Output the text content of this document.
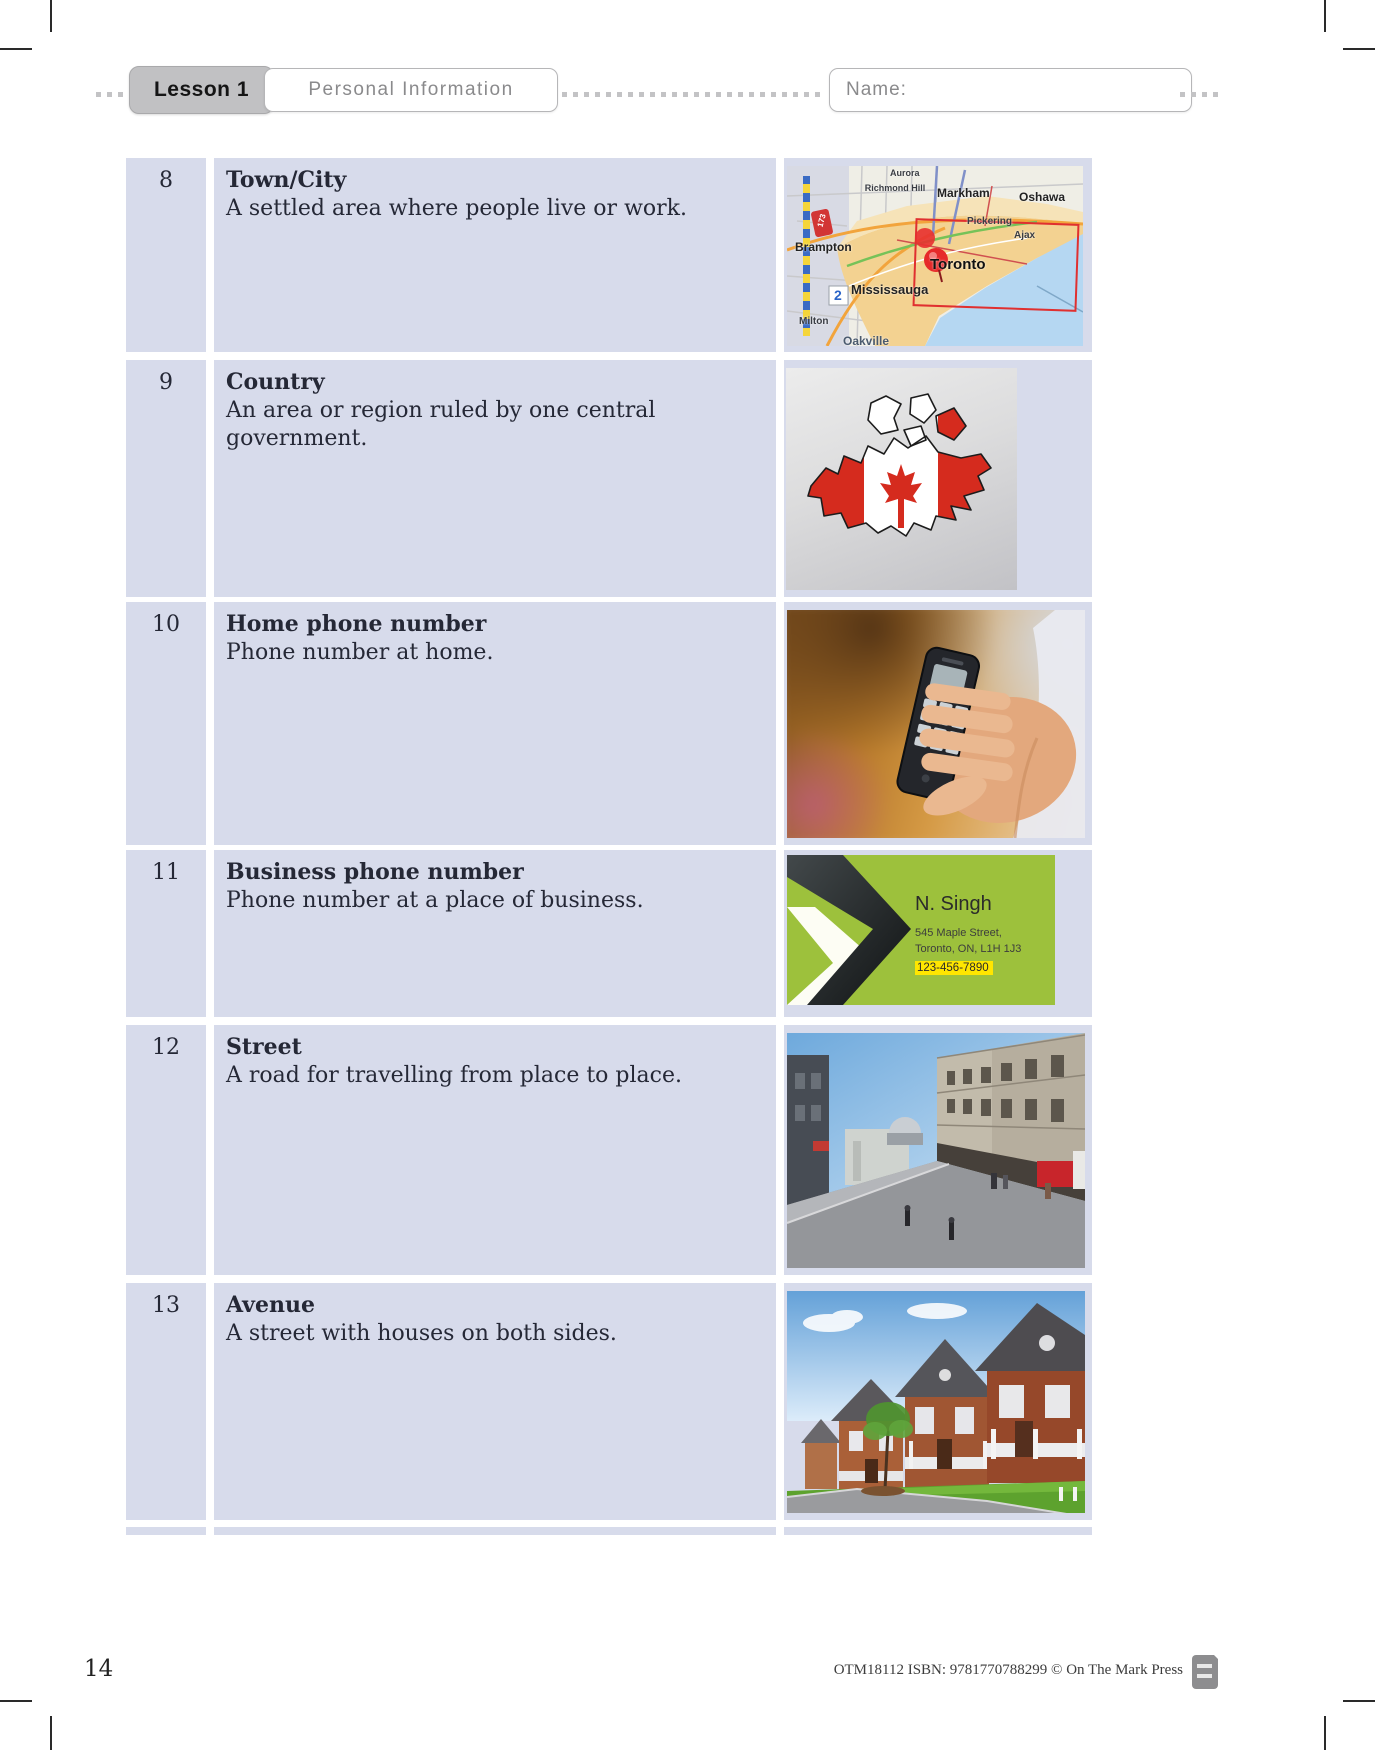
Lesson 1	Personal Information	Name:
8	Town/City
A settled area where people live or work.
9	Country
An area or region ruled by one central government.
10	Home phone number
Phone number at home.
11	Business phone number
Phone number at a place of business.
12	Street
A road for travelling from place to place.
13	Avenue
A street with houses on both sides.
Aurora
Richmond Hill Markham Oshawa
Pickering
Ajax
Brampton
Toronto
Mississauga
Milton
Oakville
173
2
N. Singh
545 Maple Street,
Toronto, ON, L1H 1J3
123-456-7890
14	OTM18112 ISBN: 9781770788299 © On The Mark Press
